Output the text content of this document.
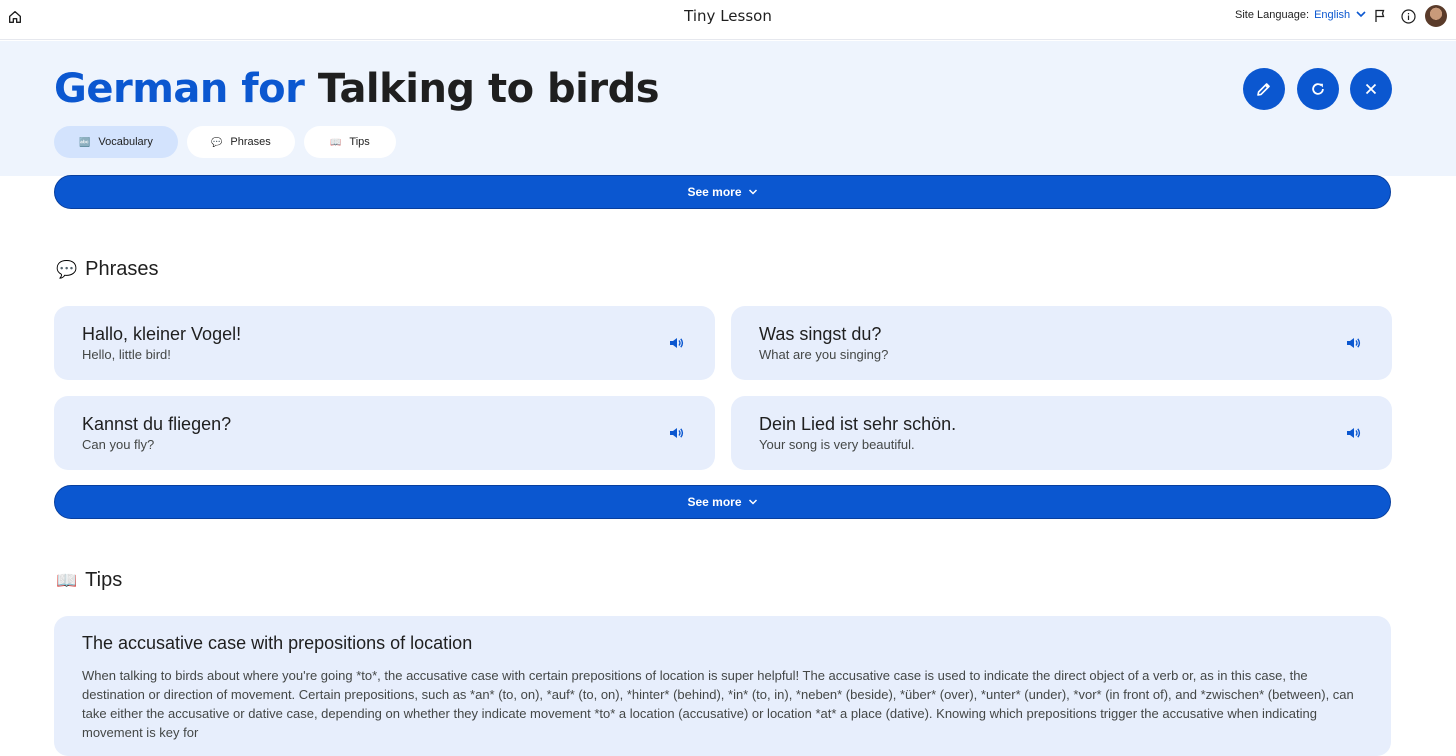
Tiny Lesson	Site Language: English
German for Talking to birds
🔤 Vocabulary	💬 Phrases	📖 Tips
See more
💬 Phrases
Hallo, kleiner Vogel!
Hello, little bird!
Was singst du?
What are you singing?
Kannst du fliegen?
Can you fly?
Dein Lied ist sehr schön.
Your song is very beautiful.
See more
📖 Tips
The accusative case with prepositions of location
When talking to birds about where you're going *to*, the accusative case with certain prepositions of location is super helpful! The accusative case is used to indicate the direct object of a verb or, as in this case, the destination or direction of movement. Certain prepositions, such as *an* (to, on), *auf* (to, on), *hinter* (behind), *in* (to, in), *neben* (beside), *über* (over), *unter* (under), *vor* (in front of), and *zwischen* (between), can take either the accusative or dative case, depending on whether they indicate movement *to* a location (accusative) or location *at* a place (dative). Knowing which prepositions trigger the accusative when indicating movement is key for
